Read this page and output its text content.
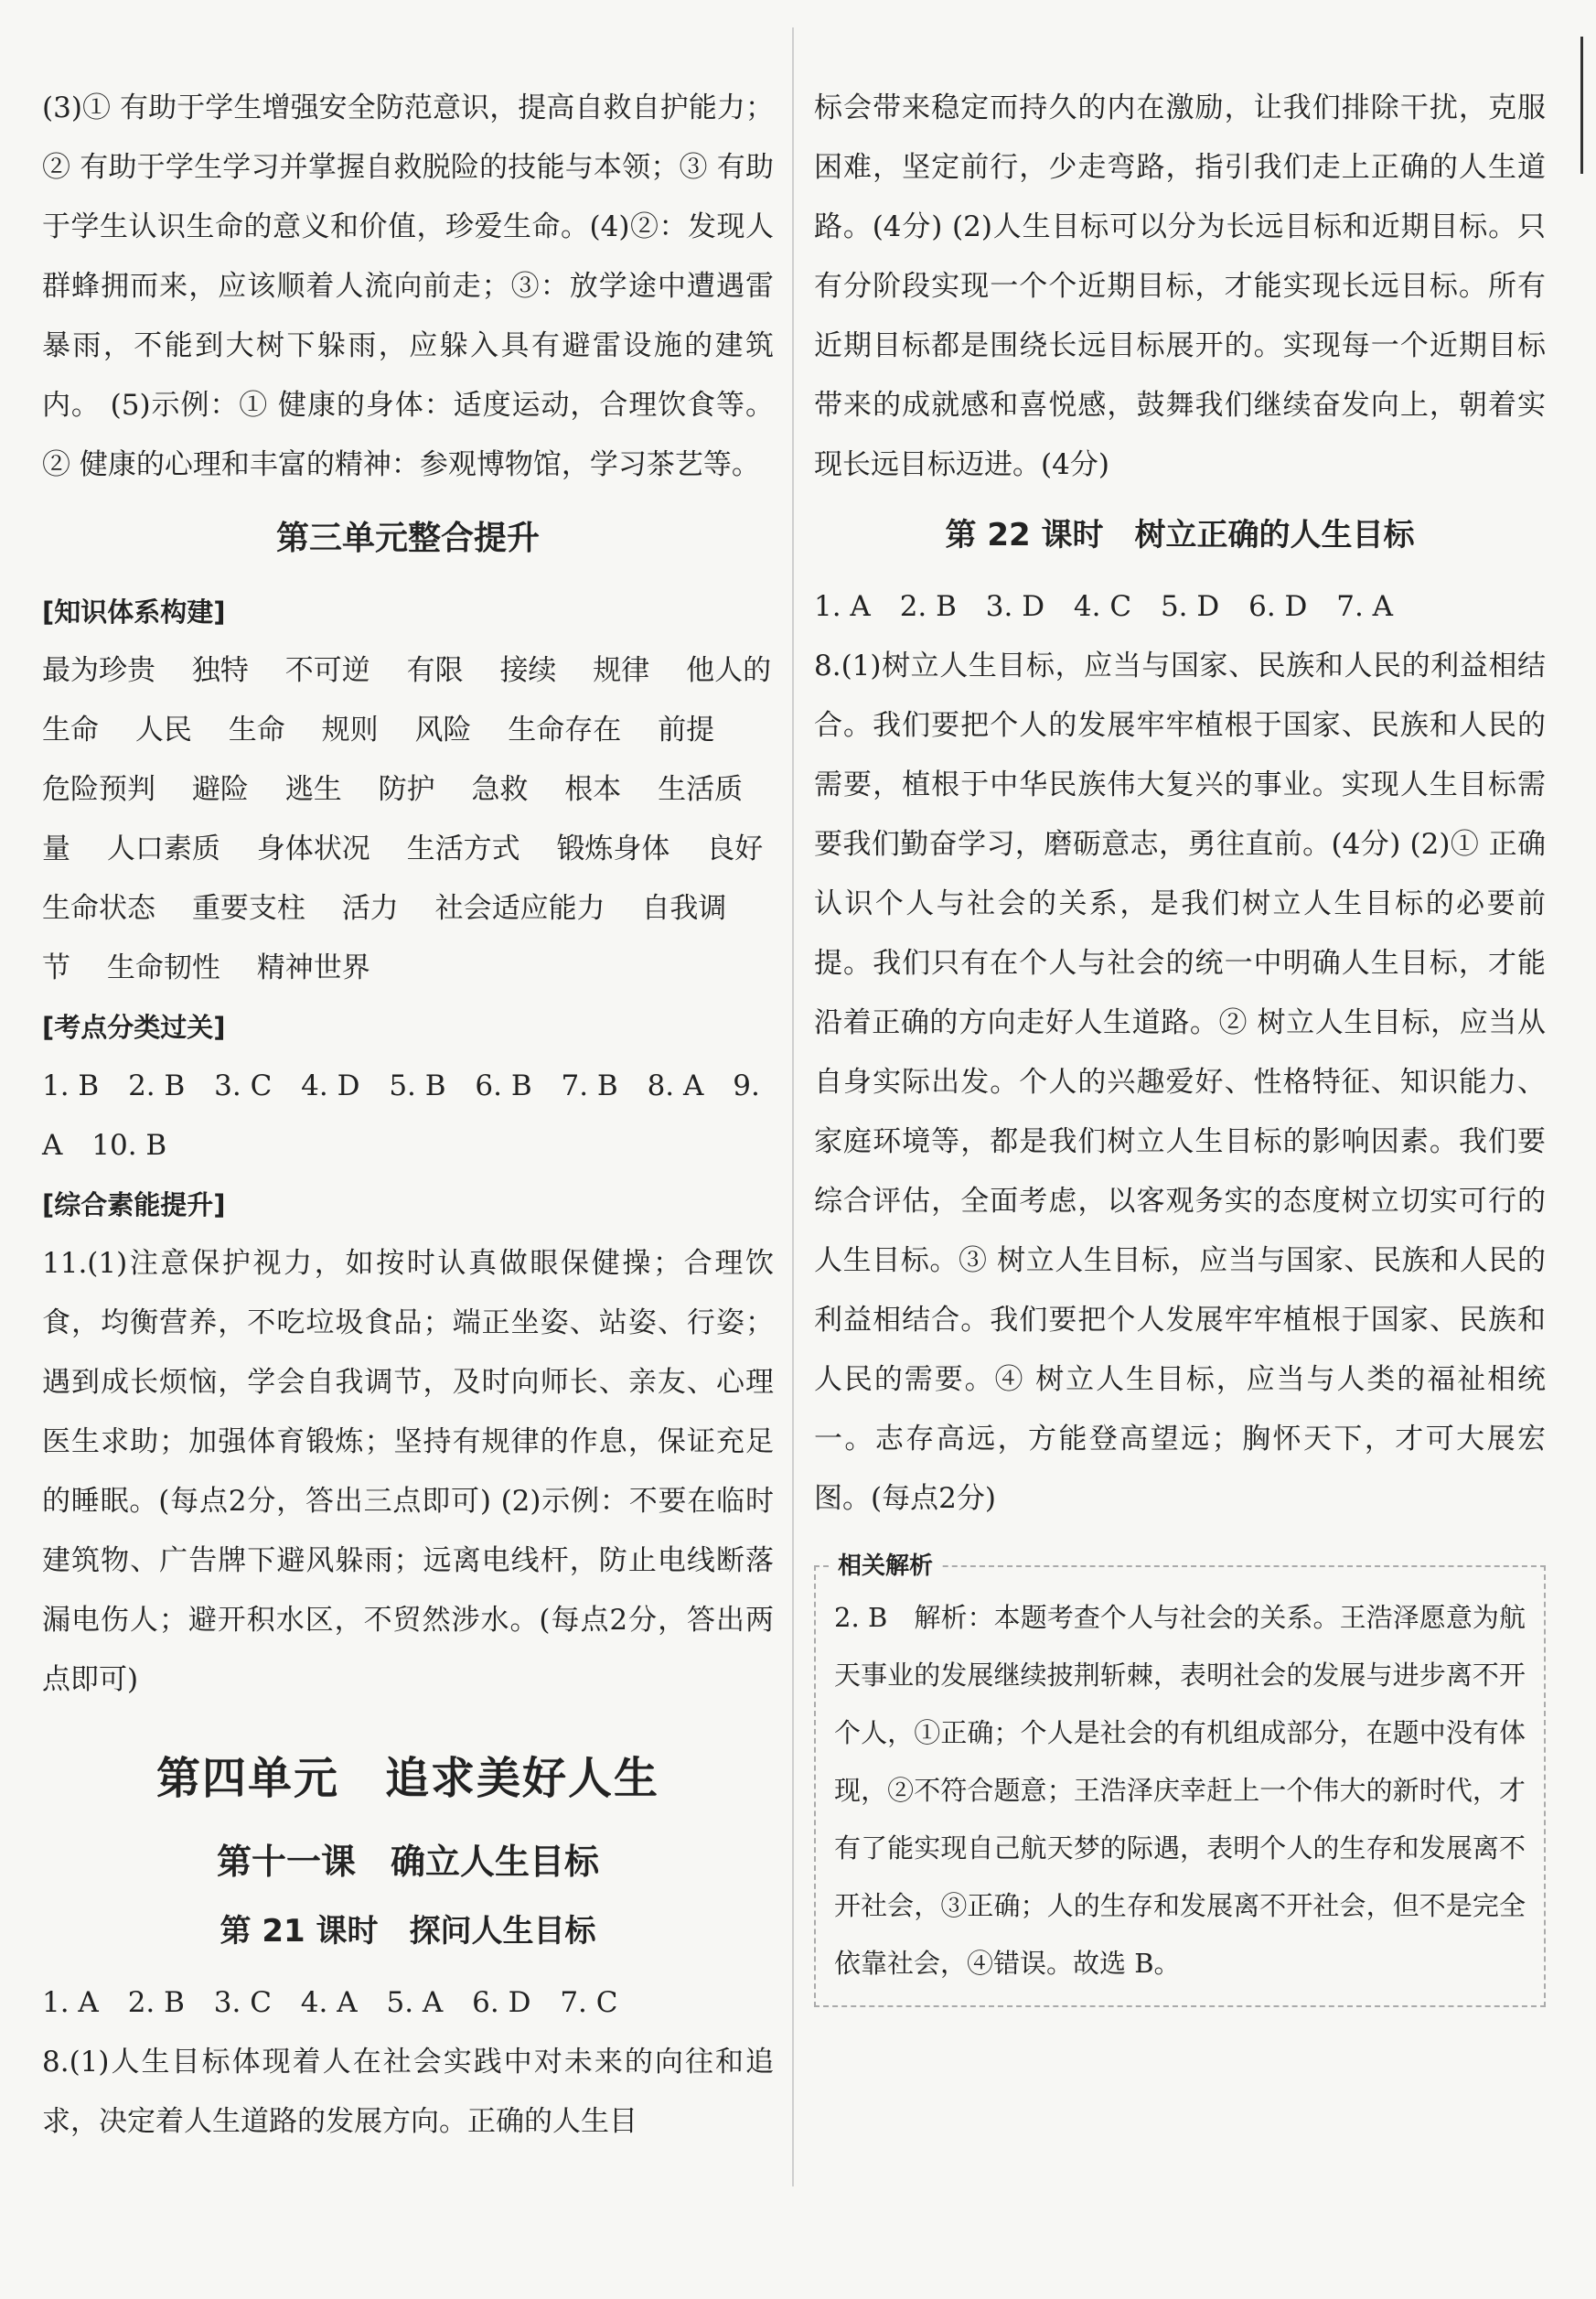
(3)① 有助于学生增强安全防范意识，提高自救自护能力；② 有助于学生学习并掌握自救脱险的技能与本领；③ 有助于学生认识生命的意义和价值，珍爱生命。(4)②：发现人群蜂拥而来，应该顺着人流向前走；③：放学途中遭遇雷暴雨，不能到大树下躲雨，应躲入具有避雷设施的建筑内。 (5)示例：① 健康的身体：适度运动，合理饮食等。② 健康的心理和丰富的精神：参观博物馆，学习茶艺等。

第三单元整合提升
[知识体系构建]
最为珍贵 独特 不可逆 有限 接续 规律 他人的生命 人民 生命 规则 风险 生命存在 前提 危险预判 避险 逃生 防护 急救 根本 生活质量 人口素质 身体状况 生活方式 锻炼身体 良好生命状态 重要支柱 活力 社会适应能力 自我调节 生命韧性 精神世界
[考点分类过关]
1. B 2. B 3. C 4. D 5. B 6. B 7. B 8. A 9. A 10. B
[综合素能提升]

11.(1)注意保护视力，如按时认真做眼保健操；合理饮食，均衡营养，不吃垃圾食品；端正坐姿、站姿、行姿；遇到成长烦恼，学会自我调节，及时向师长、亲友、心理医生求助；加强体育锻炼；坚持有规律的作息，保证充足的睡眠。(每点2分，答出三点即可) (2)示例：不要在临时建筑物、广告牌下避风躲雨；远离电线杆，防止电线断落漏电伤人；避开积水区，不贸然涉水。(每点2分，答出两点即可)

第四单元　追求美好人生
第十一课　确立人生目标
第 21 课时　探问人生目标
1. A 2. B 3. C 4. A 5. A 6. D 7. C

8.(1)人生目标体现着人在社会实践中对未来的向往和追求，决定着人生道路的发展方向。正确的人生目

标会带来稳定而持久的内在激励，让我们排除干扰，克服困难，坚定前行，少走弯路，指引我们走上正确的人生道路。(4分) (2)人生目标可以分为长远目标和近期目标。只有分阶段实现一个个近期目标，才能实现长远目标。所有近期目标都是围绕长远目标展开的。实现每一个近期目标带来的成就感和喜悦感，鼓舞我们继续奋发向上，朝着实现长远目标迈进。(4分)

第 22 课时　树立正确的人生目标
1. A 2. B 3. D 4. C 5. D 6. D 7. A

8.(1)树立人生目标，应当与国家、民族和人民的利益相结合。我们要把个人的发展牢牢植根于国家、民族和人民的需要，植根于中华民族伟大复兴的事业。实现人生目标需要我们勤奋学习，磨砺意志，勇往直前。(4分) (2)① 正确认识个人与社会的关系，是我们树立人生目标的必要前提。我们只有在个人与社会的统一中明确人生目标，才能沿着正确的方向走好人生道路。② 树立人生目标，应当从自身实际出发。个人的兴趣爱好、性格特征、知识能力、家庭环境等，都是我们树立人生目标的影响因素。我们要综合评估，全面考虑，以客观务实的态度树立切实可行的人生目标。③ 树立人生目标，应当与国家、民族和人民的利益相结合。我们要把个人发展牢牢植根于国家、民族和人民的需要。④ 树立人生目标，应当与人类的福祉相统一。志存高远，方能登高望远；胸怀天下，才可大展宏图。(每点2分)

相关解析

2. B　解析：本题考查个人与社会的关系。王浩泽愿意为航天事业的发展继续披荆斩棘，表明社会的发展与进步离不开个人，①正确；个人是社会的有机组成部分，在题中没有体现，②不符合题意；王浩泽庆幸赶上一个伟大的新时代，才有了能实现自己航天梦的际遇，表明个人的生存和发展离不开社会，③正确；人的生存和发展离不开社会，但不是完全依靠社会，④错误。故选 B。
